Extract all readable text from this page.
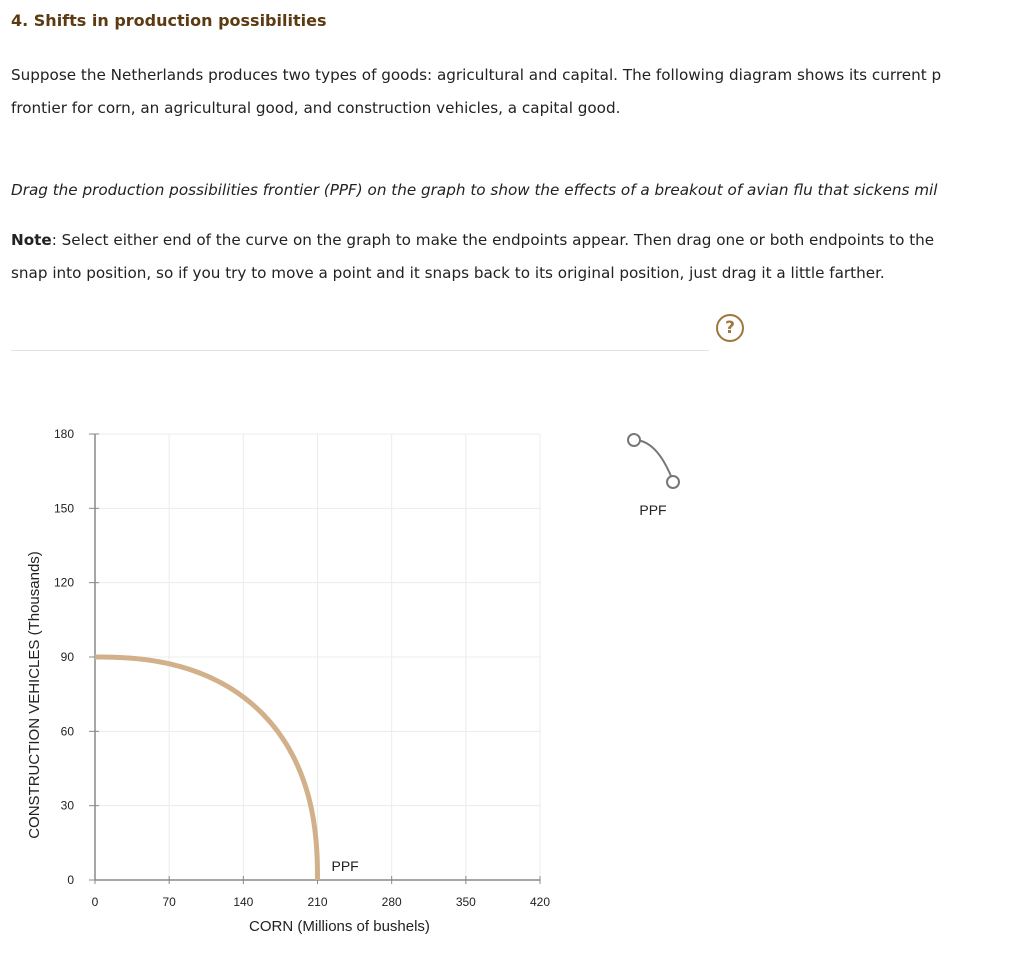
4. Shifts in production possibilities
Suppose the Netherlands produces two types of goods: agricultural and capital. The following diagram shows its current p
frontier for corn, an agricultural good, and construction vehicles, a capital good.
Drag the production possibilities frontier (PPF) on the graph to show the effects of a breakout of avian flu that sickens mil
Note: Select either end of the curve on the graph to make the endpoints appear. Then drag one or both endpoints to the
snap into position, so if you try to move a point and it snaps back to its original position, just drag it a little farther.
?
0	70	140	210	280	350	420
0
30
60
90
120
150
180
CORN (Millions of bushels)
CONSTRUCTION VEHICLES (Thousands)
PPF
PPF
